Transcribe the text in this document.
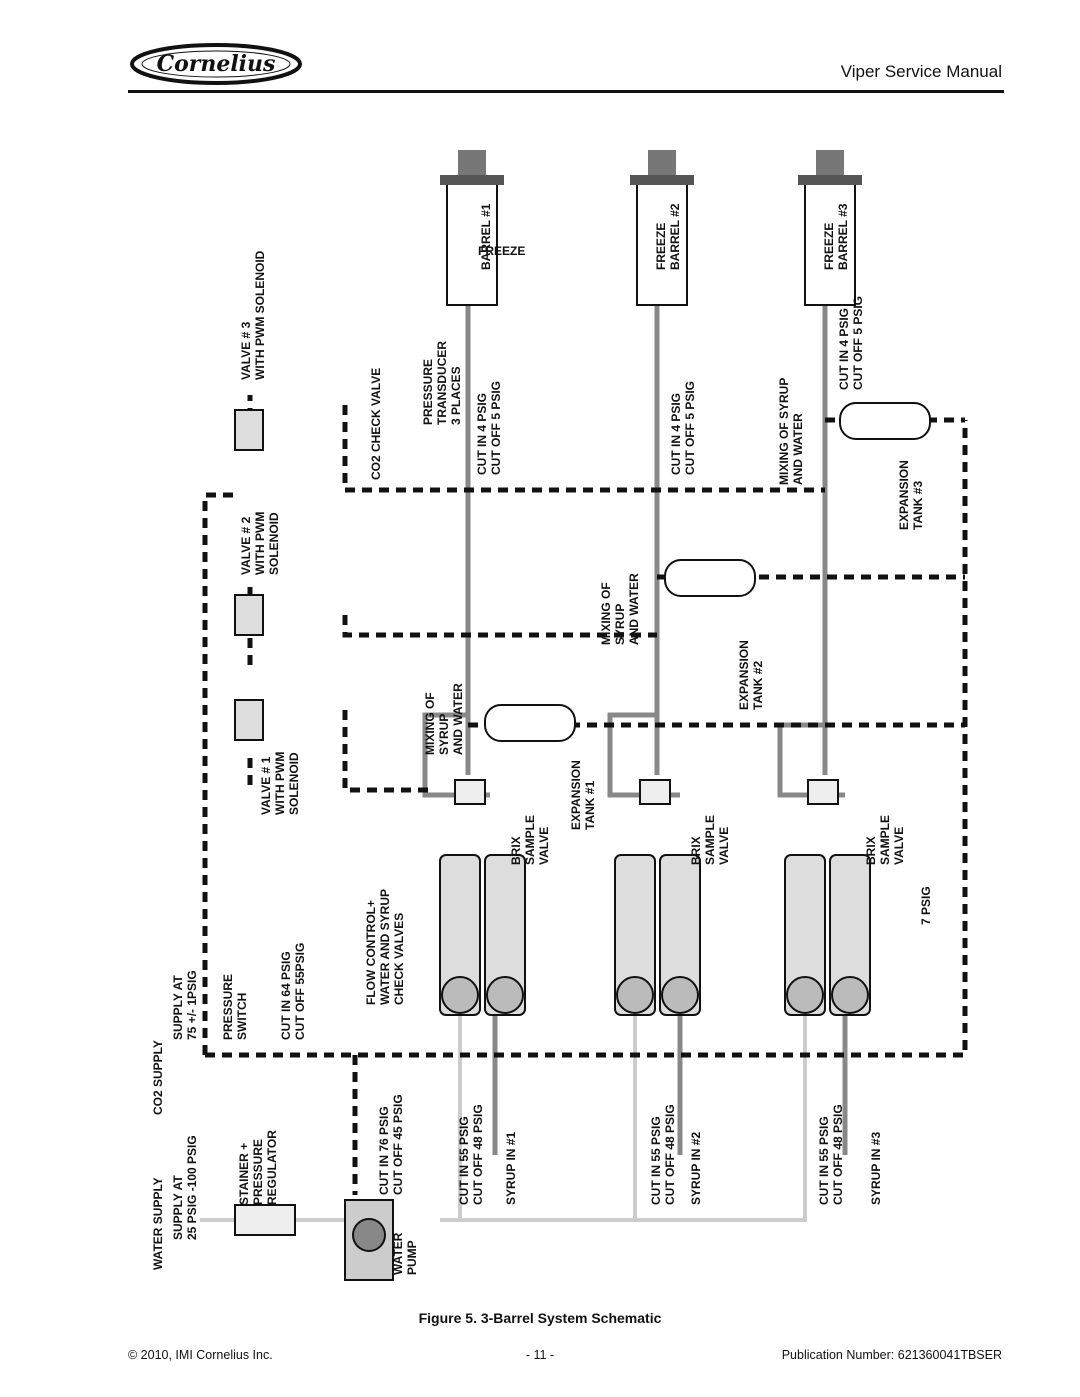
Cornelius	Viper Service Manual
FREEZE
WATER SUPPLY
CO2 SUPPLY
SUPPLY AT 25 PSIG -100 PSIG
SUPPLY AT 75 +/- 1PSIG
STAINER + PRESSURE REGULATOR
WATER PUMP
CUT IN 76 PSIG CUT OFF 45 PSIG
PRESSURE SWITCH	CUT IN 64 PSIG CUT OFF 55PSIG
CUT IN 55 PSIG CUT OFF 48 PSIG SYRUP IN #1	CUT IN 55 PSIG CUT OFF 48 PSIG SYRUP IN #2	CUT IN 55 PSIG CUT OFF 48 PSIG SYRUP IN #3
FLOW CONTROL+ WATER AND SYRUP CHECK VALVES
VALVE # 1 WITH PWM SOLENOID
VALVE # 2 WITH PWM SOLENOID
VALVE # 3 WITH PWM SOLENOID
CO2 CHECK VALVE
MIXING OF SYRUP AND WATER
MIXING OF SYRUP AND WATER
MIXING OF SYRUP AND WATER
BRIX SAMPLE VALVE	BRIX SAMPLE VALVE	BRIX SAMPLE VALVE
EXPANSION TANK #1
EXPANSION TANK #2
EXPANSION TANK #3
PRESSURE TRANSDUCER 3 PLACES CUT IN 4 PSIG CUT OFF 5 PSIG	CUT IN 4 PSIG CUT OFF 5 PSIG
CUT IN 4 PSIG CUT OFF 5 PSIG
BARREL #1	FREEZE BARREL #2	FREEZE BARREL #3
7 PSIG
Figure 5. 3-Barrel System Schematic
© 2010, IMI Cornelius Inc.	- 11 -	Publication Number: 621360041TBSER
